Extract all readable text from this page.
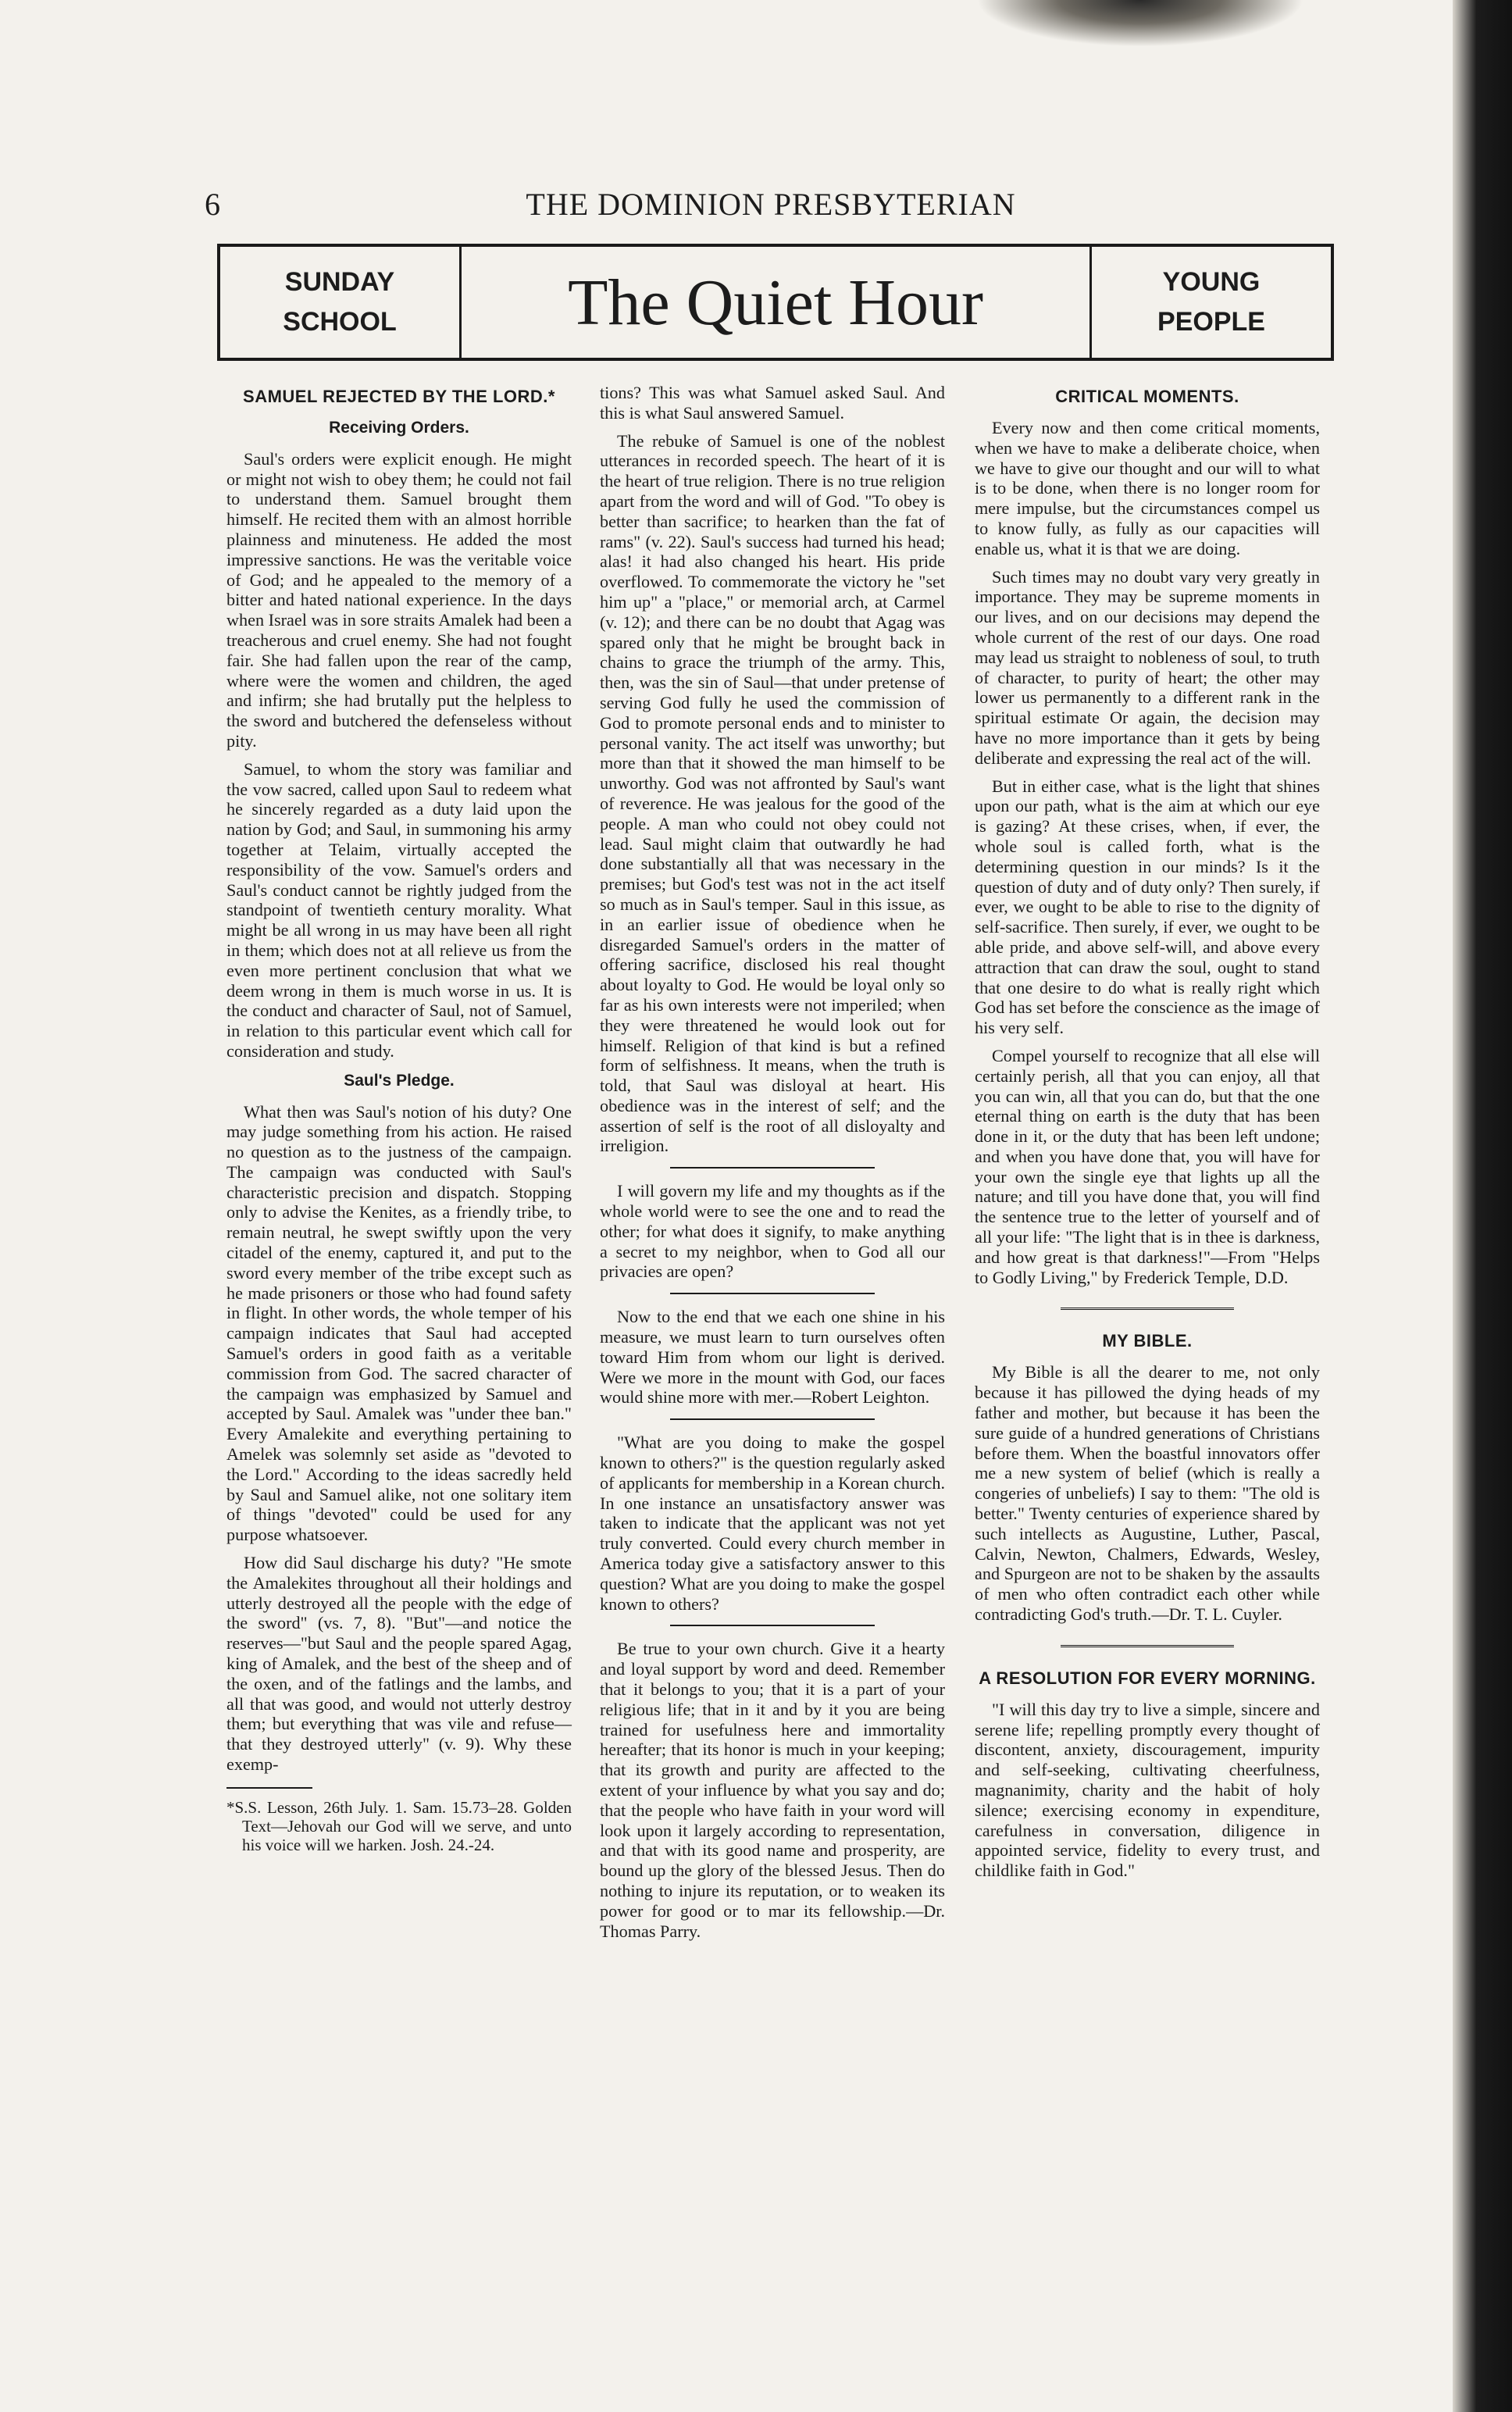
6	THE DOMINION PRESBYTERIAN
SUNDAY
SCHOOL	The Quiet Hour	YOUNG
PEOPLE
SAMUEL REJECTED BY THE LORD.*
Receiving Orders.

Saul's orders were explicit enough. He might or might not wish to obey them; he could not fail to understand them. Samuel brought them himself. He recited them with an almost horrible plainness and minuteness. He added the most impressive sanctions. He was the veritable voice of God; and he appealed to the memory of a bitter and hated national experience. In the days when Israel was in sore straits Amalek had been a treacherous and cruel enemy. She had not fought fair. She had fallen upon the rear of the camp, where were the women and children, the aged and infirm; she had brutally put the helpless to the sword and butchered the defenseless without pity.

Samuel, to whom the story was familiar and the vow sacred, called upon Saul to redeem what he sincerely regarded as a duty laid upon the nation by God; and Saul, in summoning his army together at Telaim, virtually accepted the responsibility of the vow. Samuel's orders and Saul's conduct cannot be rightly judged from the standpoint of twentieth century morality. What might be all wrong in us may have been all right in them; which does not at all relieve us from the even more pertinent conclusion that what we deem wrong in them is much worse in us. It is the conduct and character of Saul, not of Samuel, in relation to this particular event which call for consideration and study.

Saul's Pledge.

What then was Saul's notion of his duty? One may judge something from his action. He raised no question as to the justness of the campaign. The campaign was conducted with Saul's characteristic precision and dispatch. Stopping only to advise the Kenites, as a friendly tribe, to remain neutral, he swept swiftly upon the very citadel of the enemy, captured it, and put to the sword every member of the tribe except such as he made prisoners or those who had found safety in flight. In other words, the whole temper of his campaign indicates that Saul had accepted Samuel's orders in good faith as a veritable commission from God. The sacred character of the campaign was emphasized by Samuel and accepted by Saul. Amalek was "under thee ban." Every Amalekite and everything pertaining to Amelek was solemnly set aside as "devoted to the Lord." According to the ideas sacredly held by Saul and Samuel alike, not one solitary item of things "devoted" could be used for any purpose whatsoever.

How did Saul discharge his duty? "He smote the Amalekites throughout all their holdings and utterly destroyed all the people with the edge of the sword" (vs. 7, 8). "But"—and notice the reserves—"but Saul and the people spared Agag, king of Amalek, and the best of the sheep and of the oxen, and of the fatlings and the lambs, and all that was good, and would not utterly destroy them; but everything that was vile and refuse—that they destroyed utterly" (v. 9). Why these exemp-

*S.S. Lesson, 26th July. 1. Sam. 15.73–28. Golden Text—Jehovah our God will we serve, and unto his voice will we harken. Josh. 24.-24.

tions? This was what Samuel asked Saul. And this is what Saul answered Samuel.

The rebuke of Samuel is one of the noblest utterances in recorded speech. The heart of it is the heart of true religion. There is no true religion apart from the word and will of God. "To obey is better than sacrifice; to hearken than the fat of rams" (v. 22). Saul's success had turned his head; alas! it had also changed his heart. His pride overflowed. To commemorate the victory he "set him up" a "place," or memorial arch, at Carmel (v. 12); and there can be no doubt that Agag was spared only that he might be brought back in chains to grace the triumph of the army. This, then, was the sin of Saul—that under pretense of serving God fully he used the commission of God to promote personal ends and to minister to personal vanity. The act itself was unworthy; but more than that it showed the man himself to be unworthy. God was not affronted by Saul's want of reverence. He was jealous for the good of the people. A man who could not obey could not lead. Saul might claim that outwardly he had done substantially all that was necessary in the premises; but God's test was not in the act itself so much as in Saul's temper. Saul in this issue, as in an earlier issue of obedience when he disregarded Samuel's orders in the matter of offering sacrifice, disclosed his real thought about loyalty to God. He would be loyal only so far as his own interests were not imperiled; when they were threatened he would look out for himself. Religion of that kind is but a refined form of selfishness. It means, when the truth is told, that Saul was disloyal at heart. His obedience was in the interest of self; and the assertion of self is the root of all disloyalty and irreligion.

I will govern my life and my thoughts as if the whole world were to see the one and to read the other; for what does it signify, to make anything a secret to my neighbor, when to God all our privacies are open?

Now to the end that we each one shine in his measure, we must learn to turn ourselves often toward Him from whom our light is derived. Were we more in the mount with God, our faces would shine more with mer.—Robert Leighton.

"What are you doing to make the gospel known to others?" is the question regularly asked of applicants for membership in a Korean church. In one instance an unsatisfactory answer was taken to indicate that the applicant was not yet truly converted. Could every church member in America today give a satisfactory answer to this question? What are you doing to make the gospel known to others?

Be true to your own church. Give it a hearty and loyal support by word and deed. Remember that it belongs to you; that it is a part of your religious life; that in it and by it you are being trained for usefulness here and immortality hereafter; that its honor is much in your keeping; that its growth and purity are affected to the extent of your influence by what you say and do; that the people who have faith in your word will look upon it largely according to representation, and that with its good name and prosperity, are bound up the glory of the blessed Jesus. Then do nothing to injure its reputation, or to weaken its power for good or to mar its fellowship.—Dr. Thomas Parry.

CRITICAL MOMENTS.

Every now and then come critical moments, when we have to make a deliberate choice, when we have to give our thought and our will to what is to be done, when there is no longer room for mere impulse, but the circumstances compel us to know fully, as fully as our capacities will enable us, what it is that we are doing.

Such times may no doubt vary very greatly in importance. They may be supreme moments in our lives, and on our decisions may depend the whole current of the rest of our days. One road may lead us straight to nobleness of soul, to truth of character, to purity of heart; the other may lower us permanently to a different rank in the spiritual estimate Or again, the decision may have no more importance than it gets by being deliberate and expressing the real act of the will.

But in either case, what is the light that shines upon our path, what is the aim at which our eye is gazing? At these crises, when, if ever, the whole soul is called forth, what is the determining question in our minds? Is it the question of duty and of duty only? Then surely, if ever, we ought to be able to rise to the dignity of self-sacrifice. Then surely, if ever, we ought to be able pride, and above self-will, and above every attraction that can draw the soul, ought to stand that one desire to do what is really right which God has set before the conscience as the image of his very self.

Compel yourself to recognize that all else will certainly perish, all that you can enjoy, all that you can win, all that you can do, but that the one eternal thing on earth is the duty that has been done in it, or the duty that has been left undone; and when you have done that, you will have for your own the single eye that lights up all the nature; and till you have done that, you will find the sentence true to the letter of yourself and of all your life: "The light that is in thee is darkness, and how great is that darkness!"—From "Helps to Godly Living," by Frederick Temple, D.D.

MY BIBLE.

My Bible is all the dearer to me, not only because it has pillowed the dying heads of my father and mother, but because it has been the sure guide of a hundred generations of Christians before them. When the boastful innovators offer me a new system of belief (which is really a congeries of unbeliefs) I say to them: "The old is better." Twenty centuries of experience shared by such intellects as Augustine, Luther, Pascal, Calvin, Newton, Chalmers, Edwards, Wesley, and Spurgeon are not to be shaken by the assaults of men who often contradict each other while contradicting God's truth.—Dr. T. L. Cuyler.

A RESOLUTION FOR EVERY MORNING.

"I will this day try to live a simple, sincere and serene life; repelling promptly every thought of discontent, anxiety, discouragement, impurity and self-seeking, cultivating cheerfulness, magnanimity, charity and the habit of holy silence; exercising economy in expenditure, carefulness in conversation, diligence in appointed service, fidelity to every trust, and childlike faith in God."
